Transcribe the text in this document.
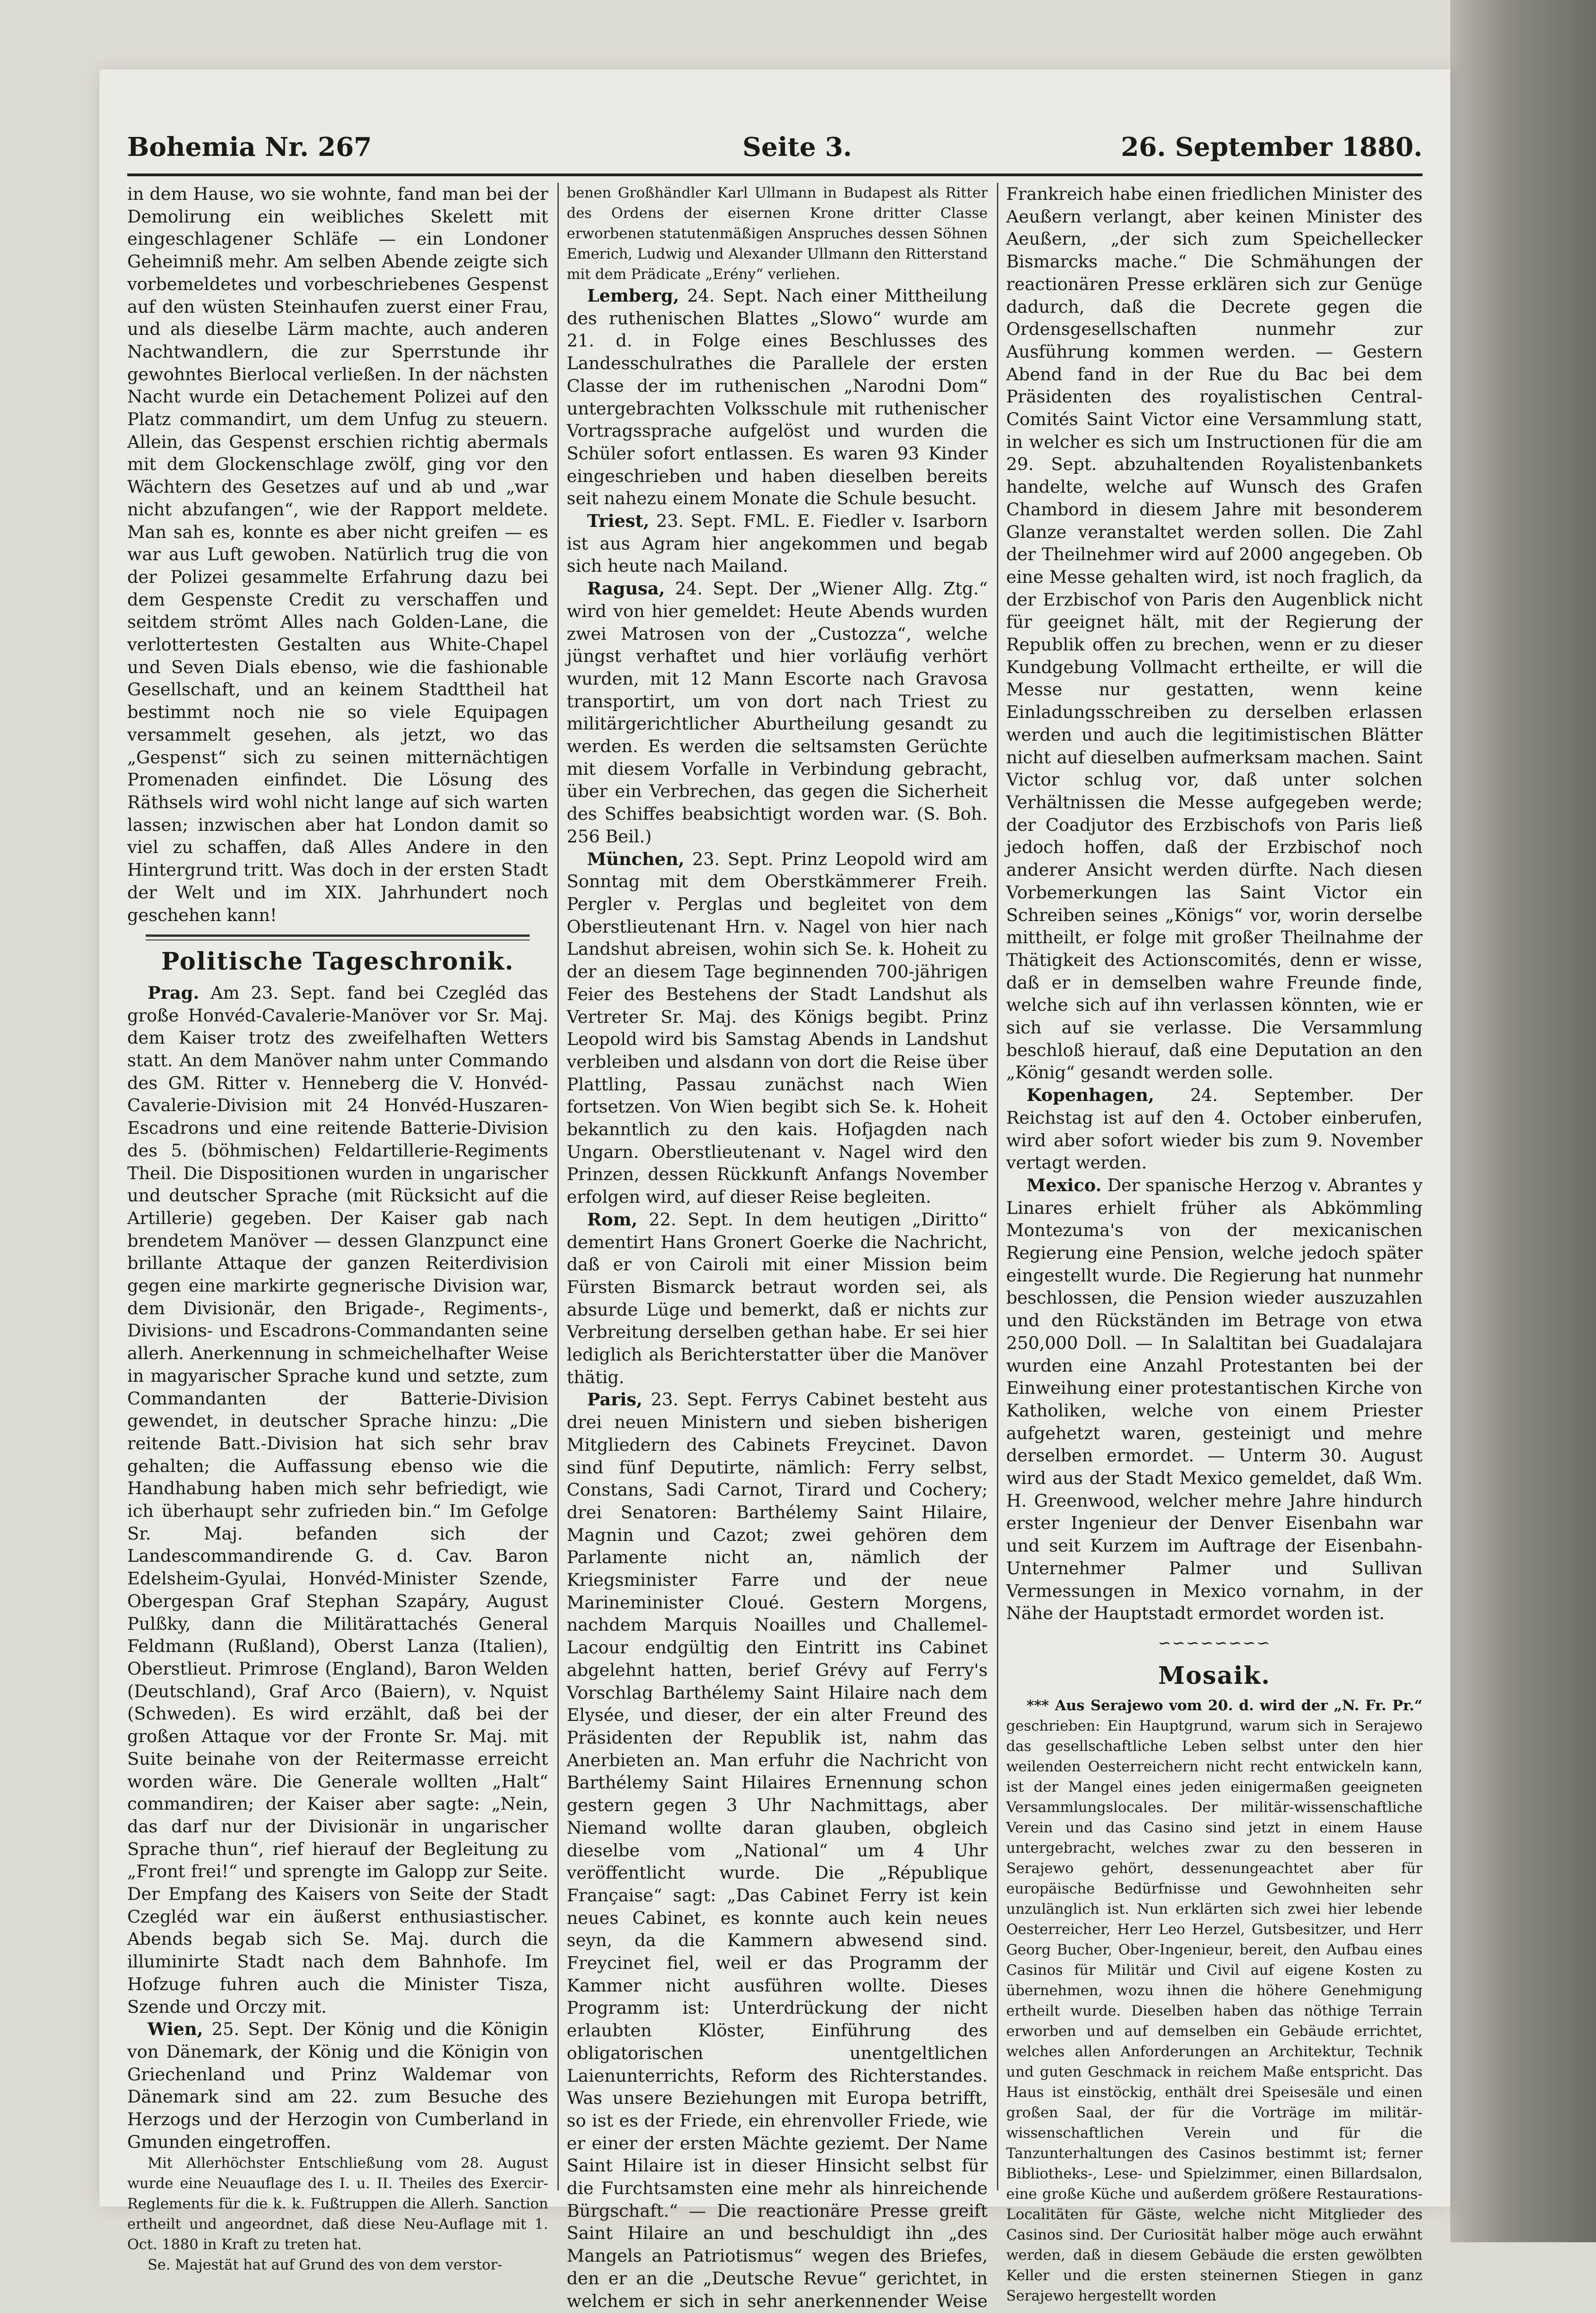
Bohemia Nr. 267	Seite 3.	26. September 1880.

in dem Hause, wo sie wohnte, fand man bei der Demolirung ein weibliches Skelett mit eingeschlagener Schläfe — ein Londoner Geheimniß mehr. Am selben Abende zeigte sich vorbemeldetes und vorbeschriebenes Gespenst auf den wüsten Steinhaufen zuerst einer Frau, und als dieselbe Lärm machte, auch anderen Nachtwandlern, die zur Sperrstunde ihr gewohntes Bierlocal verließen. In der nächsten Nacht wurde ein Detachement Polizei auf den Platz commandirt, um dem Unfug zu steuern. Allein, das Gespenst erschien richtig abermals mit dem Glockenschlage zwölf, ging vor den Wächtern des Gesetzes auf und ab und „war nicht abzufangen“, wie der Rapport meldete. Man sah es, konnte es aber nicht greifen — es war aus Luft gewoben. Natürlich trug die von der Polizei gesammelte Erfahrung dazu bei dem Gespenste Credit zu verschaffen und seitdem strömt Alles nach Golden-Lane, die verlottertesten Gestalten aus White-Chapel und Seven Dials ebenso, wie die fashionable Gesellschaft, und an keinem Stadttheil hat bestimmt noch nie so viele Equipagen versammelt gesehen, als jetzt, wo das „Gespenst“ sich zu seinen mitternächtigen Promenaden einfindet. Die Lösung des Räthsels wird wohl nicht lange auf sich warten lassen; inzwischen aber hat London damit so viel zu schaffen, daß Alles Andere in den Hintergrund tritt. Was doch in der ersten Stadt der Welt und im XIX. Jahrhundert noch geschehen kann!

Politische Tageschronik.

Prag. Am 23. Sept. fand bei Czegléd das große Honvéd-Cavalerie-Manöver vor Sr. Maj. dem Kaiser trotz des zweifelhaften Wetters statt. An dem Manöver nahm unter Commando des GM. Ritter v. Henneberg die V. Honvéd-Cavalerie-Division mit 24 Honvéd-Huszaren-Escadrons und eine reitende Batterie-Division des 5. (böhmischen) Feldartillerie-Regiments Theil. Die Dispositionen wurden in ungarischer und deutscher Sprache (mit Rücksicht auf die Artillerie) gegeben. Der Kaiser gab nach brendetem Manöver — dessen Glanzpunct eine brillante Attaque der ganzen Reiterdivision gegen eine markirte gegnerische Division war, dem Divisionär, den Brigade-, Regiments-, Divisions- und Escadrons-Commandanten seine allerh. Anerkennung in schmeichelhafter Weise in magyarischer Sprache kund und setzte, zum Commandanten der Batterie-Division gewendet, in deutscher Sprache hinzu: „Die reitende Batt.-Division hat sich sehr brav gehalten; die Auffassung ebenso wie die Handhabung haben mich sehr befriedigt, wie ich überhaupt sehr zufrieden bin.“ Im Gefolge Sr. Maj. befanden sich der Landescommandirende G. d. Cav. Baron Edelsheim-Gyulai, Honvéd-Minister Szende, Obergespan Graf Stephan Szapáry, August Pulßky, dann die Militärattachés General Feldmann (Rußland), Oberst Lanza (Italien), Oberstlieut. Primrose (England), Baron Welden (Deutschland), Graf Arco (Baiern), v. Nquist (Schweden). Es wird erzählt, daß bei der großen Attaque vor der Fronte Sr. Maj. mit Suite beinahe von der Reitermasse erreicht worden wäre. Die Generale wollten „Halt“ commandiren; der Kaiser aber sagte: „Nein, das darf nur der Divisionär in ungarischer Sprache thun“, rief hierauf der Begleitung zu „Front frei!“ und sprengte im Galopp zur Seite. Der Empfang des Kaisers von Seite der Stadt Czegléd war ein äußerst enthusiastischer. Abends begab sich Se. Maj. durch die illuminirte Stadt nach dem Bahnhofe. Im Hofzuge fuhren auch die Minister Tisza, Szende und Orczy mit.

Wien, 25. Sept. Der König und die Königin von Dänemark, der König und die Königin von Griechenland und Prinz Waldemar von Dänemark sind am 22. zum Besuche des Herzogs und der Herzogin von Cumberland in Gmunden eingetroffen.

Mit Allerhöchster Entschließung vom 28. August wurde eine Neuauflage des I. u. II. Theiles des Exercir-Reglements für die k. k. Fußtruppen die Allerh. Sanction ertheilt und angeordnet, daß diese Neu-Auflage mit 1. Oct. 1880 in Kraft zu treten hat.

Se. Majestät hat auf Grund des von dem verstor-

benen Großhändler Karl Ullmann in Budapest als Ritter des Ordens der eisernen Krone dritter Classe erworbenen statutenmäßigen Anspruches dessen Söhnen Emerich, Ludwig und Alexander Ullmann den Ritterstand mit dem Prädicate „Erény“ verliehen.

Lemberg, 24. Sept. Nach einer Mittheilung des ruthenischen Blattes „Slowo“ wurde am 21. d. in Folge eines Beschlusses des Landesschulrathes die Parallele der ersten Classe der im ruthenischen „Narodni Dom“ untergebrachten Volksschule mit ruthenischer Vortragssprache aufgelöst und wurden die Schüler sofort entlassen. Es waren 93 Kinder eingeschrieben und haben dieselben bereits seit nahezu einem Monate die Schule besucht.

Triest, 23. Sept. FML. E. Fiedler v. Isarborn ist aus Agram hier angekommen und begab sich heute nach Mailand.

Ragusa, 24. Sept. Der „Wiener Allg. Ztg.“ wird von hier gemeldet: Heute Abends wurden zwei Matrosen von der „Custozza“, welche jüngst verhaftet und hier vorläufig verhört wurden, mit 12 Mann Escorte nach Gravosa transportirt, um von dort nach Triest zu militärgerichtlicher Aburtheilung gesandt zu werden. Es werden die seltsamsten Gerüchte mit diesem Vorfalle in Verbindung gebracht, über ein Verbrechen, das gegen die Sicherheit des Schiffes beabsichtigt worden war. (S. Boh. 256 Beil.)

München, 23. Sept. Prinz Leopold wird am Sonntag mit dem Oberstkämmerer Freih. Pergler v. Perglas und begleitet von dem Oberstlieutenant Hrn. v. Nagel von hier nach Landshut abreisen, wohin sich Se. k. Hoheit zu der an diesem Tage beginnenden 700-jährigen Feier des Bestehens der Stadt Landshut als Vertreter Sr. Maj. des Königs begibt. Prinz Leopold wird bis Samstag Abends in Landshut verbleiben und alsdann von dort die Reise über Plattling, Passau zunächst nach Wien fortsetzen. Von Wien begibt sich Se. k. Hoheit bekanntlich zu den kais. Hofjagden nach Ungarn. Oberstlieutenant v. Nagel wird den Prinzen, dessen Rückkunft Anfangs November erfolgen wird, auf dieser Reise begleiten.

Rom, 22. Sept. In dem heutigen „Diritto“ dementirt Hans Gronert Goerke die Nachricht, daß er von Cairoli mit einer Mission beim Fürsten Bismarck betraut worden sei, als absurde Lüge und bemerkt, daß er nichts zur Verbreitung derselben gethan habe. Er sei hier lediglich als Berichterstatter über die Manöver thätig.

Paris, 23. Sept. Ferrys Cabinet besteht aus drei neuen Ministern und sieben bisherigen Mitgliedern des Cabinets Freycinet. Davon sind fünf Deputirte, nämlich: Ferry selbst, Constans, Sadi Carnot, Tirard und Cochery; drei Senatoren: Barthélemy Saint Hilaire, Magnin und Cazot; zwei gehören dem Parlamente nicht an, nämlich der Kriegsminister Farre und der neue Marineminister Cloué. Gestern Morgens, nachdem Marquis Noailles und Challemel-Lacour endgültig den Eintritt ins Cabinet abgelehnt hatten, berief Grévy auf Ferry's Vorschlag Barthélemy Saint Hilaire nach dem Elysée, und dieser, der ein alter Freund des Präsidenten der Republik ist, nahm das Anerbieten an. Man erfuhr die Nachricht von Barthélemy Saint Hilaires Ernennung schon gestern gegen 3 Uhr Nachmittags, aber Niemand wollte daran glauben, obgleich dieselbe vom „National“ um 4 Uhr veröffentlicht wurde. Die „République Française“ sagt: „Das Cabinet Ferry ist kein neues Cabinet, es konnte auch kein neues seyn, da die Kammern abwesend sind. Freycinet fiel, weil er das Programm der Kammer nicht ausführen wollte. Dieses Programm ist: Unterdrückung der nicht erlaubten Klöster, Einführung des obligatorischen unentgeltlichen Laienunterrichts, Reform des Richterstandes. Was unsere Beziehungen mit Europa betrifft, so ist es der Friede, ein ehrenvoller Friede, wie er einer der ersten Mächte geziemt. Der Name Saint Hilaire ist in dieser Hinsicht selbst für die Furchtsamsten eine mehr als hinreichende Bürgschaft.“ — Die reactionäre Presse greift Saint Hilaire an und beschuldigt ihn „des Mangels an Patriotismus“ wegen des Briefes, den er an die „Deutsche Revue“ gerichtet, in welchem er sich in sehr anerkennender Weise

Frankreich habe einen friedlichen Minister des Aeußern verlangt, aber keinen Minister des Aeußern, „der sich zum Speichellecker Bismarcks mache.“ Die Schmähungen der reactionären Presse erklären sich zur Genüge dadurch, daß die Decrete gegen die Ordensgesellschaften nunmehr zur Ausführung kommen werden. — Gestern Abend fand in der Rue du Bac bei dem Präsidenten des royalistischen Central-Comités Saint Victor eine Versammlung statt, in welcher es sich um Instructionen für die am 29. Sept. abzuhaltenden Royalistenbankets handelte, welche auf Wunsch des Grafen Chambord in diesem Jahre mit besonderem Glanze veranstaltet werden sollen. Die Zahl der Theilnehmer wird auf 2000 angegeben. Ob eine Messe gehalten wird, ist noch fraglich, da der Erzbischof von Paris den Augenblick nicht für geeignet hält, mit der Regierung der Republik offen zu brechen, wenn er zu dieser Kundgebung Vollmacht ertheilte, er will die Messe nur gestatten, wenn keine Einladungsschreiben zu derselben erlassen werden und auch die legitimistischen Blätter nicht auf dieselben aufmerksam machen. Saint Victor schlug vor, daß unter solchen Verhältnissen die Messe aufgegeben werde; der Coadjutor des Erzbischofs von Paris ließ jedoch hoffen, daß der Erzbischof noch anderer Ansicht werden dürfte. Nach diesen Vorbemerkungen las Saint Victor ein Schreiben seines „Königs“ vor, worin derselbe mittheilt, er folge mit großer Theilnahme der Thätigkeit des Actionscomités, denn er wisse, daß er in demselben wahre Freunde finde, welche sich auf ihn verlassen könnten, wie er sich auf sie verlasse. Die Versammlung beschloß hierauf, daß eine Deputation an den „König“ gesandt werden solle.

Kopenhagen, 24. September. Der Reichstag ist auf den 4. October einberufen, wird aber sofort wieder bis zum 9. November vertagt werden.

Mexico. Der spanische Herzog v. Abrantes y Linares erhielt früher als Abkömmling Montezuma's von der mexicanischen Regierung eine Pension, welche jedoch später eingestellt wurde. Die Regierung hat nunmehr beschlossen, die Pension wieder auszuzahlen und den Rückständen im Betrage von etwa 250,000 Doll. — In Salaltitan bei Guadalajara wurden eine Anzahl Protestanten bei der Einweihung einer protestantischen Kirche von Katholiken, welche von einem Priester aufgehetzt waren, gesteinigt und mehre derselben ermordet. — Unterm 30. August wird aus der Stadt Mexico gemeldet, daß Wm. H. Greenwood, welcher mehre Jahre hindurch erster Ingenieur der Denver Eisenbahn war und seit Kurzem im Auftrage der Eisenbahn-Unternehmer Palmer und Sullivan Vermessungen in Mexico vornahm, in der Nähe der Hauptstadt ermordet worden ist.

∽∽∽∽∽∽∽∽
Mosaik.

*** Aus Serajewo vom 20. d. wird der „N. Fr. Pr.“ geschrieben: Ein Hauptgrund, warum sich in Serajewo das gesellschaftliche Leben selbst unter den hier weilenden Oesterreichern nicht recht entwickeln kann, ist der Mangel eines jeden einigermaßen geeigneten Versammlungslocales. Der militär-wissenschaftliche Verein und das Casino sind jetzt in einem Hause untergebracht, welches zwar zu den besseren in Serajewo gehört, dessenungeachtet aber für europäische Bedürfnisse und Gewohnheiten sehr unzulänglich ist. Nun erklärten sich zwei hier lebende Oesterreicher, Herr Leo Herzel, Gutsbesitzer, und Herr Georg Bucher, Ober-Ingenieur, bereit, den Aufbau eines Casinos für Militär und Civil auf eigene Kosten zu übernehmen, wozu ihnen die höhere Genehmigung ertheilt wurde. Dieselben haben das nöthige Terrain erworben und auf demselben ein Gebäude errichtet, welches allen Anforderungen an Architektur, Technik und guten Geschmack in reichem Maße entspricht. Das Haus ist einstöckig, enthält drei Speisesäle und einen großen Saal, der für die Vorträge im militär-wissenschaftlichen Verein und für die Tanzunterhaltungen des Casinos bestimmt ist; ferner Bibliotheks-, Lese- und Spielzimmer, einen Billardsalon, eine große Küche und außerdem größere Restaurations-Localitäten für Gäste, welche nicht Mitglieder des Casinos sind. Der Curiosität halber möge auch erwähnt werden, daß in diesem Gebäude die ersten gewölbten Keller und die ersten steinernen Stiegen in ganz Serajewo hergestellt worden
